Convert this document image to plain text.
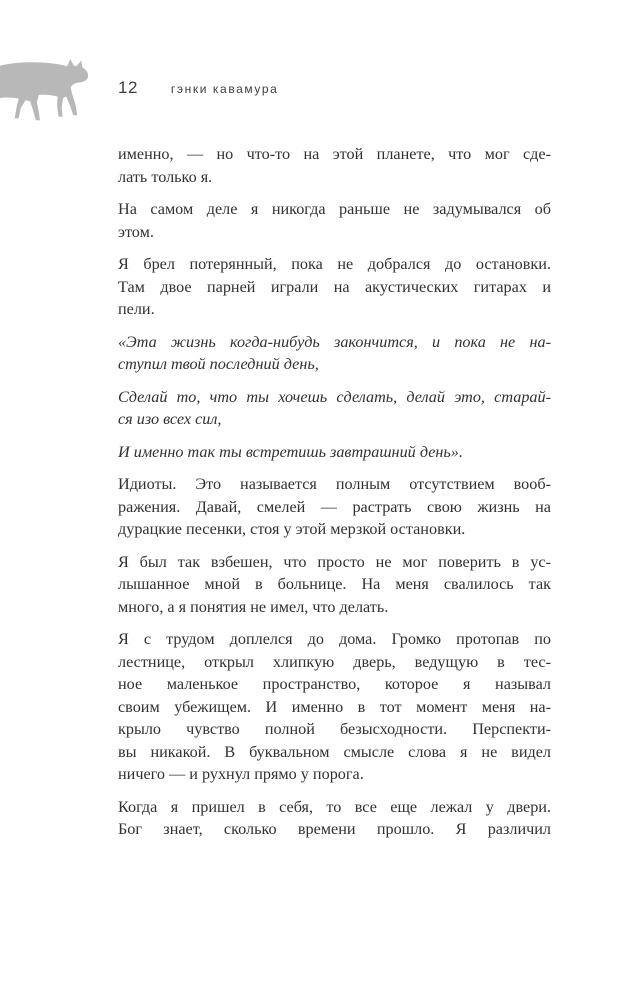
12	гэнки кавамура
именно, — но что-то на этой планете, что мог сде-
лать только я.
На самом деле я никогда раньше не задумывался об
этом.
Я брел потерянный, пока не добрался до остановки.
Там двое парней играли на акустических гитарах и
пели.
«Эта жизнь когда-нибудь закончится, и пока не на-
ступил твой последний день,
Сделай то, что ты хочешь сделать, делай это, старай-
ся изо всех сил,
И именно так ты встретишь завтрашний день».
Идиоты. Это называется полным отсутствием вооб-
ражения. Давай, смелей — растрать свою жизнь на
дурацкие песенки, стоя у этой мерзкой остановки.
Я был так взбешен, что просто не мог поверить в ус-
лышанное мной в больнице. На меня свалилось так
много, а я понятия не имел, что делать.
Я с трудом доплелся до дома. Громко протопав по
лестнице, открыл хлипкую дверь, ведущую в тес-
ное маленькое пространство, которое я называл
своим убежищем. И именно в тот момент меня на-
крыло чувство полной безысходности. Перспекти-
вы никакой. В буквальном смысле слова я не видел
ничего — и рухнул прямо у порога.
Когда я пришел в себя, то все еще лежал у двери.
Бог знает, сколько времени прошло. Я различил
